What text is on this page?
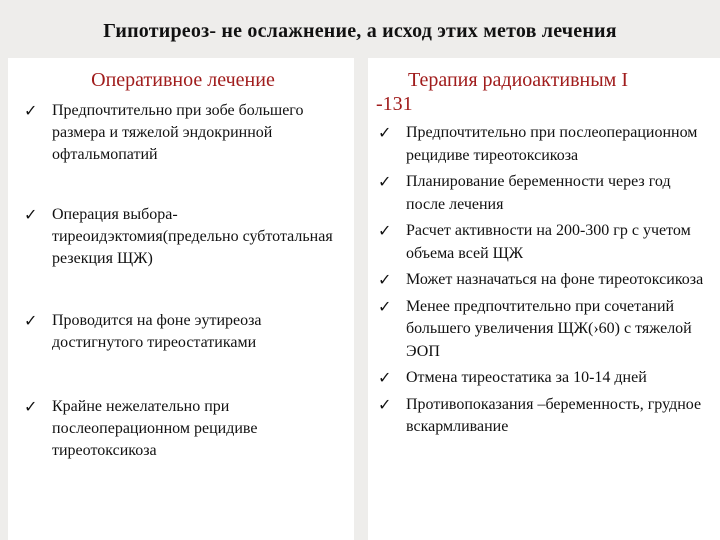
Гипотиреоз- не ослажнение, а исход этих метов лечения
Оперативное лечение
✓ Предпочтительно при зобе большего размера и тяжелой эндокринной офтальмопатий
✓ Операция выбора- тиреоидэктомия(предельно субтотальная резекция ЩЖ)
✓ Проводится на фоне эутиреоза достигнутого тиреостатиками
✓ Крайне нежелательно при послеоперационном рецидиве тиреотоксикоза
Терапия радиоактивным I
-131
✓ Предпочтительно при послеоперационном рецидиве тиреотоксикоза
✓ Планирование беременности через год после лечения
✓ Расчет активности на 200-300 гр с учетом объема всей ЩЖ
✓ Может назначаться на фоне тиреотоксикоза
✓ Менее предпочтительно при сочетаний большего увеличения ЩЖ(›60) с тяжелой ЭОП
✓ Отмена тиреостатика за 10-14 дней
✓ Противопоказания –беременность, грудное вскармливание
